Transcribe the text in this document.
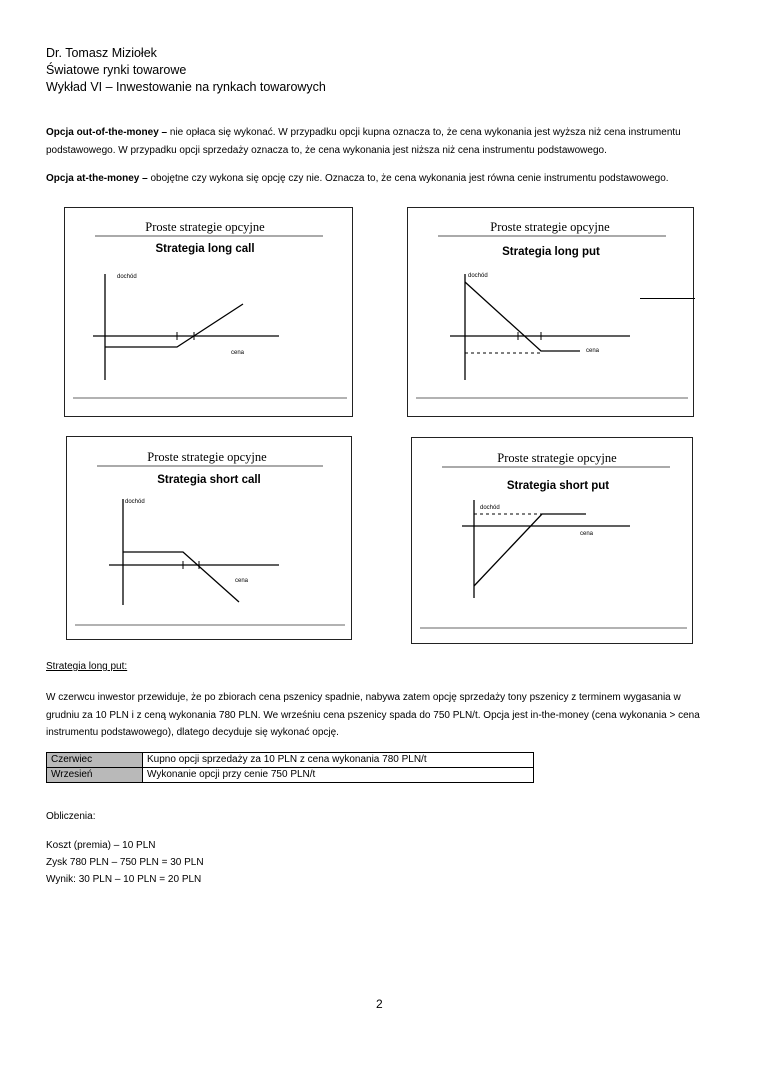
Dr. Tomasz Miziołek
Światowe rynki towarowe
Wykład VI – Inwestowanie na rynkach towarowych
Opcja out-of-the-money – nie opłaca się wykonać. W przypadku opcji kupna oznacza to, że cena wykonania jest wyższa niż cena instrumentu podstawowego. W przypadku opcji sprzedaży oznacza to, że cena wykonania jest niższa niż cena instrumentu podstawowego.
Opcja at-the-money – obojętne czy wykona się opcję czy nie. Oznacza to, że cena wykonania jest równa cenie instrumentu podstawowego.
Proste strategie opcyjne
Strategia long call
dochód
cena
Proste strategie opcyjne
Strategia long put
dochód
cena
Proste strategie opcyjne
Strategia short call
dochód
cena
Proste strategie opcyjne
Strategia short put
dochód
cena
Strategia long put:
W czerwcu inwestor przewiduje, że po zbiorach cena pszenicy spadnie, nabywa zatem opcję sprzedaży tony pszenicy z terminem wygasania w grudniu za 10 PLN i z ceną wykonania 780 PLN. We wrześniu cena pszenicy spada do 750 PLN/t. Opcja jest in-the-money (cena wykonania > cena instrumentu podstawowego), dlatego decyduje się wykonać opcję.
Czerwiec	Kupno opcji sprzedaży za 10 PLN z cena wykonania 780 PLN/t
Wrzesień	Wykonanie opcji przy cenie 750 PLN/t
Obliczenia:
Koszt (premia) – 10 PLN
Zysk 780 PLN – 750 PLN = 30 PLN
Wynik: 30 PLN – 10 PLN = 20 PLN
2
